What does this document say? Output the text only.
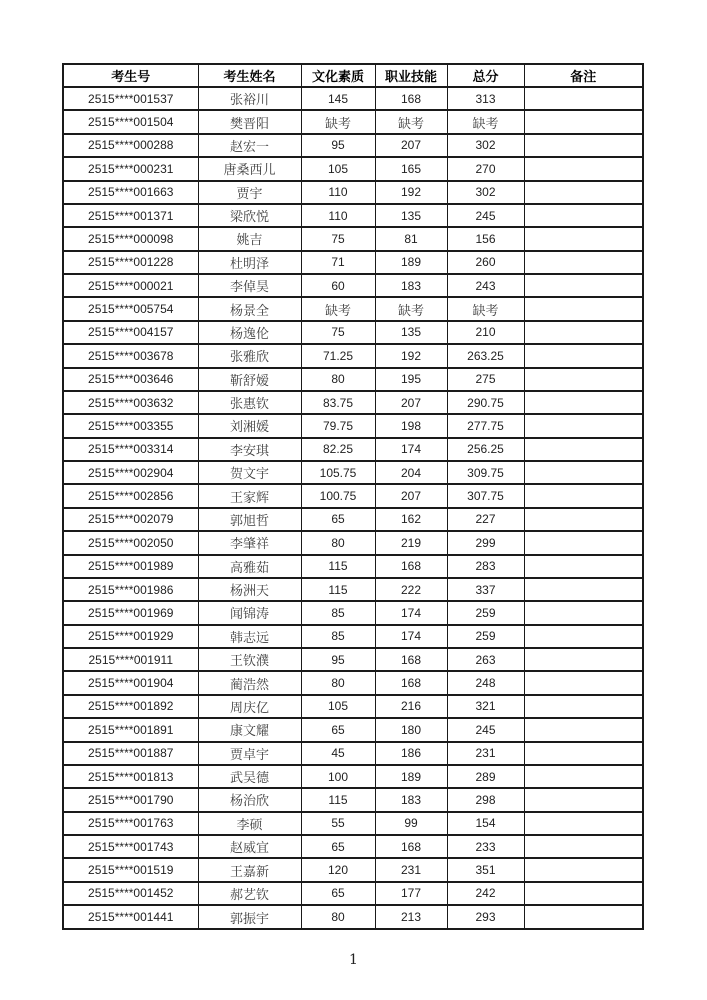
考生号	考生姓名	文化素质	职业技能	总分	备注
2515****001537	张裕川	145	168	313	
2515****001504	樊晋阳	缺考	缺考	缺考	
2515****000288	赵宏一	95	207	302	
2515****000231	唐桑西儿	105	165	270	
2515****001663	贾宇	110	192	302	
2515****001371	梁欣悦	110	135	245	
2515****000098	姚吉	75	81	156	
2515****001228	杜明泽	71	189	260	
2515****000021	李倬昊	60	183	243	
2515****005754	杨景全	缺考	缺考	缺考	
2515****004157	杨逸伦	75	135	210	
2515****003678	张雅欣	71.25	192	263.25	
2515****003646	靳舒嫒	80	195	275	
2515****003632	张惠钦	83.75	207	290.75	
2515****003355	刘湘媛	79.75	198	277.75	
2515****003314	李安琪	82.25	174	256.25	
2515****002904	贺文宇	105.75	204	309.75	
2515****002856	王家辉	100.75	207	307.75	
2515****002079	郭旭哲	65	162	227	
2515****002050	李肇祥	80	219	299	
2515****001989	高雅茹	115	168	283	
2515****001986	杨洲天	115	222	337	
2515****001969	闻锦涛	85	174	259	
2515****001929	韩志远	85	174	259	
2515****001911	王钦濮	95	168	263	
2515****001904	蔺浩然	80	168	248	
2515****001892	周庆亿	105	216	321	
2515****001891	康文耀	65	180	245	
2515****001887	贾卓宇	45	186	231	
2515****001813	武吴德	100	189	289	
2515****001790	杨治欣	115	183	298	
2515****001763	李硕	55	99	154	
2515****001743	赵威宜	65	168	233	
2515****001519	王嘉新	120	231	351	
2515****001452	郝艺钦	65	177	242	
2515****001441	郭振宇	80	213	293	
1
